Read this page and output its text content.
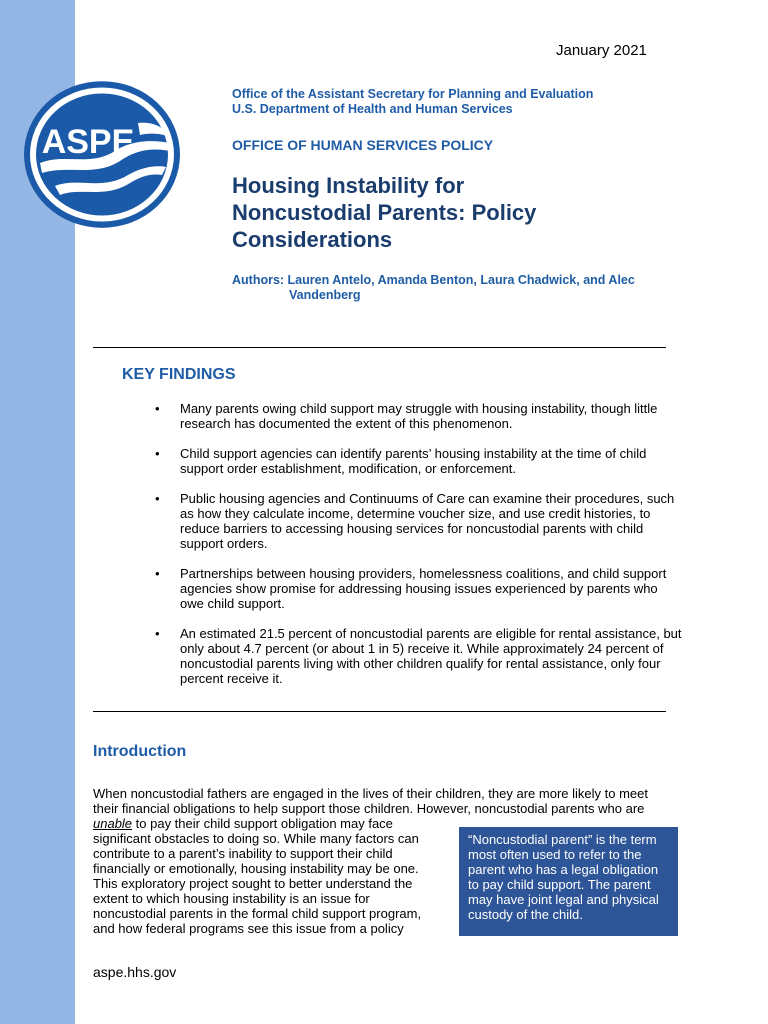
January 2021
ASPE
Office of the Assistant Secretary for Planning and Evaluation
U.S. Department of Health and Human Services
OFFICE OF HUMAN SERVICES POLICY
Housing Instability for
Noncustodial Parents: Policy
Considerations
Authors: Lauren Antelo, Amanda Benton, Laura Chadwick, and Alec
Vandenberg
KEY FINDINGS
• Many parents owing child support may struggle with housing instability, though little research has documented the extent of this phenomenon.
• Child support agencies can identify parents’ housing instability at the time of child support order establishment, modification, or enforcement.
• Public housing agencies and Continuums of Care can examine their procedures, such as how they calculate income, determine voucher size, and use credit histories, to reduce barriers to accessing housing services for noncustodial parents with child support orders.
• Partnerships between housing providers, homelessness coalitions, and child support agencies show promise for addressing housing issues experienced by parents who owe child support.
• An estimated 21.5 percent of noncustodial parents are eligible for rental assistance, but only about 4.7 percent (or about 1 in 5) receive it. While approximately 24 percent of noncustodial parents living with other children qualify for rental assistance, only four percent receive it.
Introduction
When noncustodial fathers are engaged in the lives of their children, they are more likely to meet
their financial obligations to help support those children. However, noncustodial parents who are
unable to pay their child support obligation may face
significant obstacles to doing so. While many factors can
contribute to a parent’s inability to support their child
financially or emotionally, housing instability may be one.
This exploratory project sought to better understand the
extent to which housing instability is an issue for
noncustodial parents in the formal child support program,
and how federal programs see this issue from a policy
“Noncustodial parent” is the term most often used to refer to the parent who has a legal obligation to pay child support. The parent may have joint legal and physical custody of the child.
aspe.hhs.gov
